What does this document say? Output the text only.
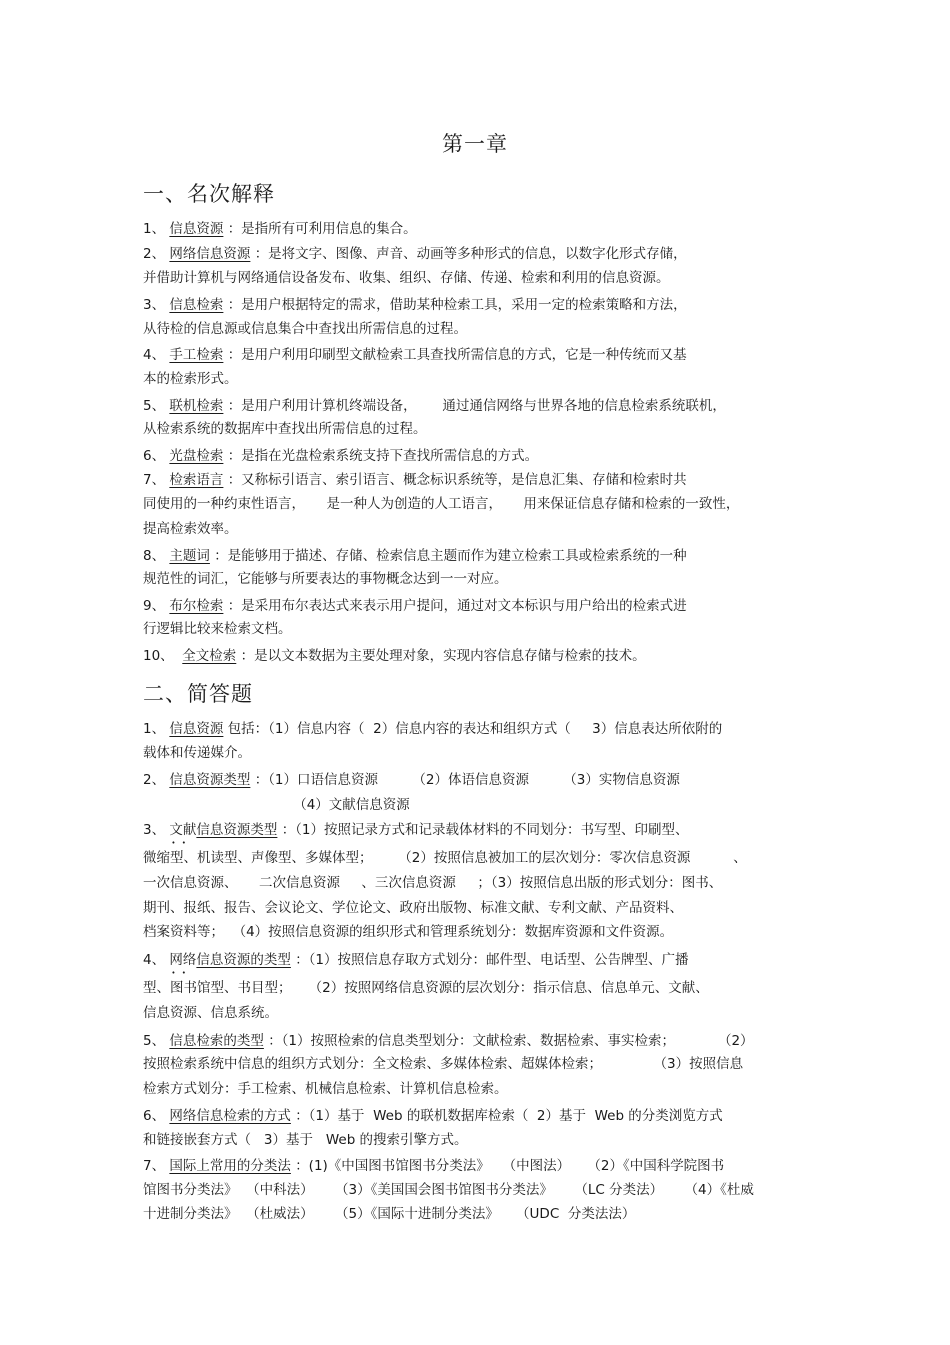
第一章
一、名次解释
1、 信息资源 ：是指所有可利用信息的集合。
2、 网络信息资源 ：是将文字、图像、声音、动画等多种形式的信息，以数字化形式存储，
并借助计算机与网络通信设备发布、收集、组织、存储、传递、检索和利用的信息资源。
3、 信息检索 ：是用户根据特定的需求，借助某种检索工具，采用一定的检索策略和方法，
从待检的信息源或信息集合中查找出所需信息的过程。
4、 手工检索 ：是用户利用印刷型文献检索工具查找所需信息的方式，它是一种传统而又基
本的检索形式。
5、 联机检索 ：是用户利用计算机终端设备，      通过通信网络与世界各地的信息检索系统联机，
从检索系统的数据库中查找出所需信息的过程。
6、 光盘检索 ：是指在光盘检索系统支持下查找所需信息的方式。
7、 检索语言 ：又称标引语言、索引语言、概念标识系统等，是信息汇集、存储和检索时共
同使用的一种约束性语言，     是一种人为创造的人工语言，     用来保证信息存储和检索的一致性，
提高检索效率。
8、 主题词 ：是能够用于描述、存储、检索信息主题而作为建立检索工具或检索系统的一种
规范性的词汇，它能够与所要表达的事物概念达到一一对应。
9、 布尔检索 ：是采用布尔表达式来表示用户提问，通过对文本标识与用户给出的检索式进
行逻辑比较来检索文档。
10、 全文检索 ：是以文本数据为主要处理对象，实现内容信息存储与检索的技术。
二、简答题
1、 信息资源 包括：（1）信息内容（  2）信息内容的表达和组织方式（     3）信息表达所依附的
载体和传递媒介。
2、 信息资源类型 ：（1）口语信息资源        （2）体语信息资源        （3）实物信息资源
（4）文献信息资源
3、 文献 • •信息资源类型 ：（1）按照记录方式和记录载体材料的不同划分：书写型、印刷型、
微缩型、机读型、声像型、多媒体型；      （2）按照信息被加工的层次划分：零次信息资源          、
一次信息资源、     二次信息资源     、三次信息资源     ；（3）按照信息出版的形式划分：图书、
期刊、报纸、报告、会议论文、学位论文、政府出版物、标准文献、专利文献、产品资料、
档案资料等；  （4）按照信息资源的组织形式和管理系统划分：数据库资源和文件资源。
4、 网络 • •信息资源的类型 ：（1）按照信息存取方式划分：邮件型、电话型、公告牌型、广播
型、图书馆型、书目型；    （2）按照网络信息资源的层次划分：指示信息、信息单元、文献、
信息资源、信息系统。
5、 信息检索的类型 ：（1）按照检索的信息类型划分：文献检索、数据检索、事实检索；          （2）
按照检索系统中信息的组织方式划分：全文检索、多媒体检索、超媒体检索；            （3）按照信息
检索方式划分：手工检索、机械信息检索、计算机信息检索。
6、 网络信息检索的方式 ：（1）基于  Web 的联机数据库检索（  2）基于  Web 的分类浏览方式
和链接嵌套方式（   3）基于   Web 的搜索引擎方式。
7、 国际上常用的分类法 ：(1)《中国图书馆图书分类法》   （中图法）    （2）《中国科学院图书
馆图书分类法》  （中科法）     （3）《美国国会图书馆图书分类法》     （LC 分类法）     （4）《杜威
十进制分类法》  （杜威法）     （5）《国际十进制分类法》    （UDC  分类法法）
